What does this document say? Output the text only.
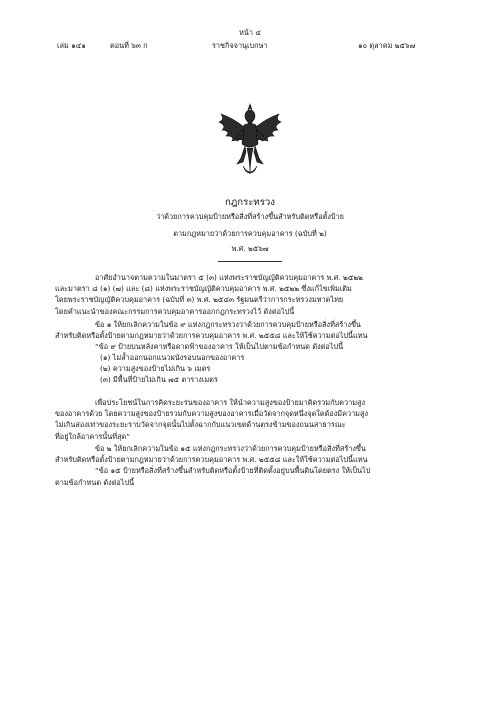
หน้า ๔
เล่ม ๑๔๑	ตอนที่ ๖๓ ก	ราชกิจจานุเบกษา	๑๐ ตุลาคม ๒๕๖๗
กฎกระทรวง
ว่าด้วยการควบคุมป้ายหรือสิ่งที่สร้างขึ้นสำหรับติดหรือตั้งป้าย
ตามกฎหมายว่าด้วยการควบคุมอาคาร (ฉบับที่ ๒)
พ.ศ. ๒๕๖๗
อาศัยอำนาจตามความในมาตรา ๕ (๓) แห่งพระราชบัญญัติควบคุมอาคาร พ.ศ. ๒๕๒๒
และมาตรา ๘ (๑) (๗) และ (๘) แห่งพระราชบัญญัติควบคุมอาคาร พ.ศ. ๒๕๒๒ ซึ่งแก้ไขเพิ่มเติม
โดยพระราชบัญญัติควบคุมอาคาร (ฉบับที่ ๓) พ.ศ. ๒๕๔๓ รัฐมนตรีว่าการกระทรวงมหาดไทย
โดยคำแนะนำของคณะกรรมการควบคุมอาคารออกกฎกระทรวงไว้ ดังต่อไปนี้
ข้อ ๑ ให้ยกเลิกความในข้อ ๙ แห่งกฎกระทรวงว่าด้วยการควบคุมป้ายหรือสิ่งที่สร้างขึ้น
สำหรับติดหรือตั้งป้ายตามกฎหมายว่าด้วยการควบคุมอาคาร พ.ศ. ๒๕๕๘ และให้ใช้ความต่อไปนี้แทน
“ข้อ ๙ ป้ายบนหลังคาหรือดาดฟ้าของอาคาร ให้เป็นไปตามข้อกำหนด ดังต่อไปนี้
(๑) ไม่ล้ำออกนอกแนวผนังรอบนอกของอาคาร
(๒) ความสูงของป้ายไม่เกิน ๖ เมตร
(๓) มีพื้นที่ป้ายไม่เกิน ๗๕ ตารางเมตร
เพื่อประโยชน์ในการคิดระยะร่นของอาคาร ให้นำความสูงของป้ายมาคิดรวมกับความสูง
ของอาคารด้วย โดยความสูงของป้ายรวมกับความสูงของอาคารเมื่อวัดจากจุดหนึ่งจุดใดต้องมีความสูง
ไม่เกินสองเท่าของระยะราบวัดจากจุดนั้นไปตั้งฉากกับแนวเขตด้านตรงข้ามของถนนสาธารณะ
ที่อยู่ใกล้อาคารนั้นที่สุด”
ข้อ ๒ ให้ยกเลิกความในข้อ ๑๕ แห่งกฎกระทรวงว่าด้วยการควบคุมป้ายหรือสิ่งที่สร้างขึ้น
สำหรับติดหรือตั้งป้ายตามกฎหมายว่าด้วยการควบคุมอาคาร พ.ศ. ๒๕๕๘ และให้ใช้ความต่อไปนี้แทน
“ข้อ ๑๕ ป้ายหรือสิ่งที่สร้างขึ้นสำหรับติดหรือตั้งป้ายที่ติดตั้งอยู่บนพื้นดินโดยตรง ให้เป็นไป
ตามข้อกำหนด ดังต่อไปนี้
